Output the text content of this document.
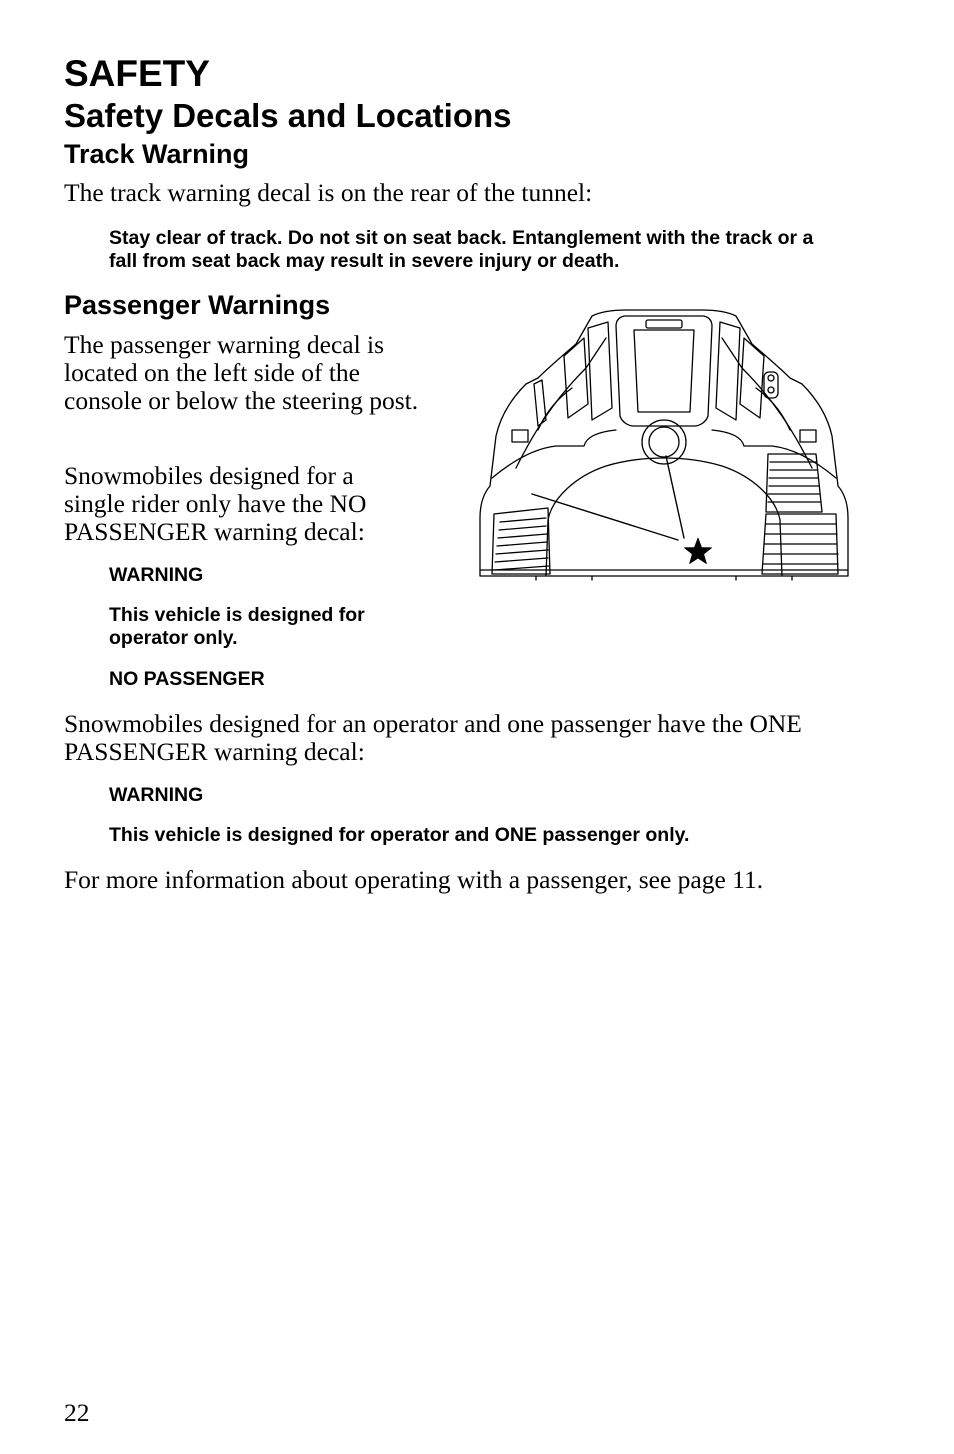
SAFETY
Safety Decals and Locations
Track Warning

The track warning decal is on the rear of the tunnel:

Stay clear of track. Do not sit on seat back. Entanglement with the track or a fall from seat back may result in severe injury or death.

Passenger Warnings

The passenger warning decal is located on the left side of the console or below the steering post.

Snowmobiles designed for a single rider only have the NO PASSENGER warning decal:

WARNING

This vehicle is designed for operator only.

NO PASSENGER

Snowmobiles designed for an operator and one passenger have the ONE PASSENGER warning decal:

WARNING

This vehicle is designed for operator and ONE passenger only.

For more information about operating with a passenger, see page 11.

22
